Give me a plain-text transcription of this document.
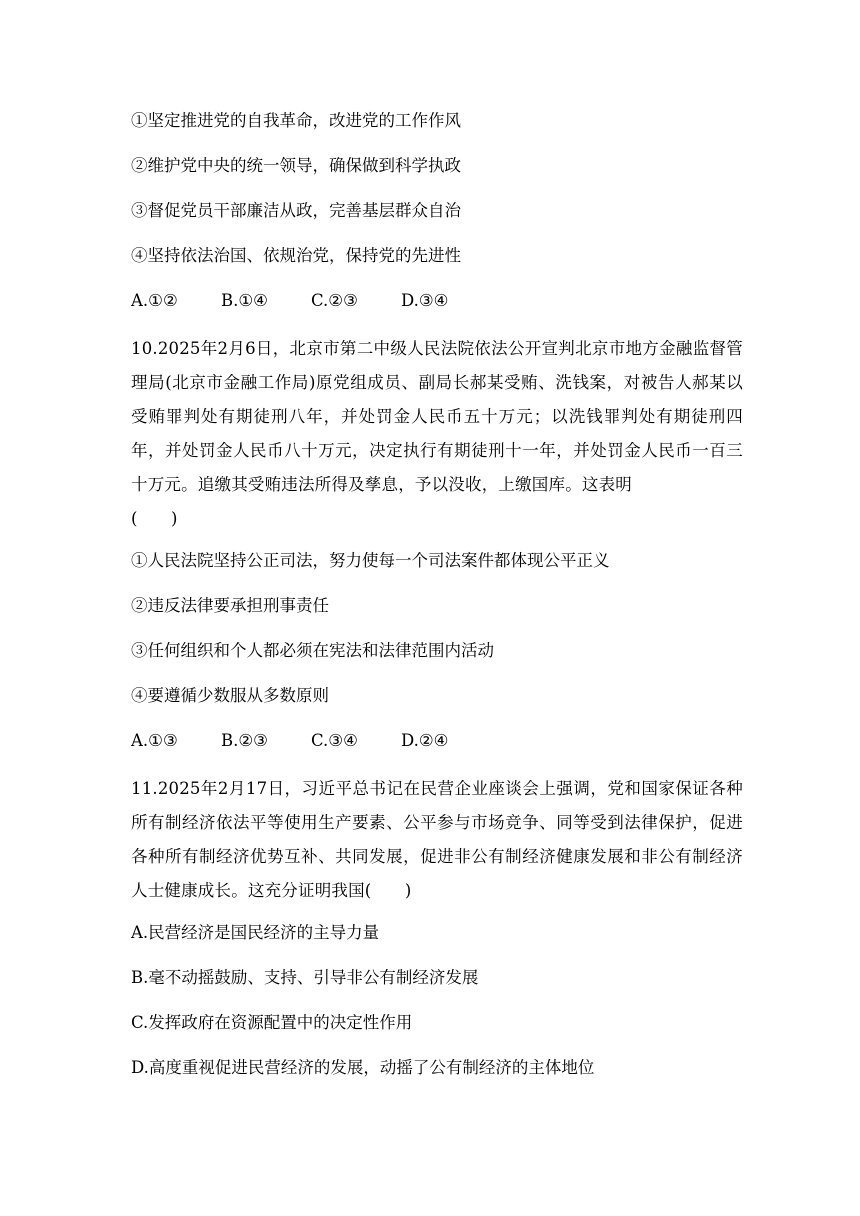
①坚定推进党的自我革命，改进党的工作作风
②维护党中央的统一领导，确保做到科学执政
③督促党员干部廉洁从政，完善基层群众自治
④坚持依法治国、依规治党，保持党的先进性
A.①②	B.①④	C.②③	D.③④
10.2025年2月6日，北京市第二中级人民法院依法公开宣判北京市地方金融监督管理局(北京市金融工作局)原党组成员、副局长郝某受贿、洗钱案，对被告人郝某以受贿罪判处有期徒刑八年，并处罚金人民币五十万元；以洗钱罪判处有期徒刑四年，并处罚金人民币八十万元，决定执行有期徒刑十一年，并处罚金人民币一百三十万元。追缴其受贿违法所得及孳息，予以没收，上缴国库。这表明
(　　)
①人民法院坚持公正司法，努力使每一个司法案件都体现公平正义
②违反法律要承担刑事责任
③任何组织和个人都必须在宪法和法律范围内活动
④要遵循少数服从多数原则
A.①③	B.②③	C.③④	D.②④
11.2025年2月17日，习近平总书记在民营企业座谈会上强调，党和国家保证各种所有制经济依法平等使用生产要素、公平参与市场竞争、同等受到法律保护，促进各种所有制经济优势互补、共同发展，促进非公有制经济健康发展和非公有制经济人士健康成长。这充分证明我国(　　)
A.民营经济是国民经济的主导力量
B.毫不动摇鼓励、支持、引导非公有制经济发展
C.发挥政府在资源配置中的决定性作用
D.高度重视促进民营经济的发展，动摇了公有制经济的主体地位
